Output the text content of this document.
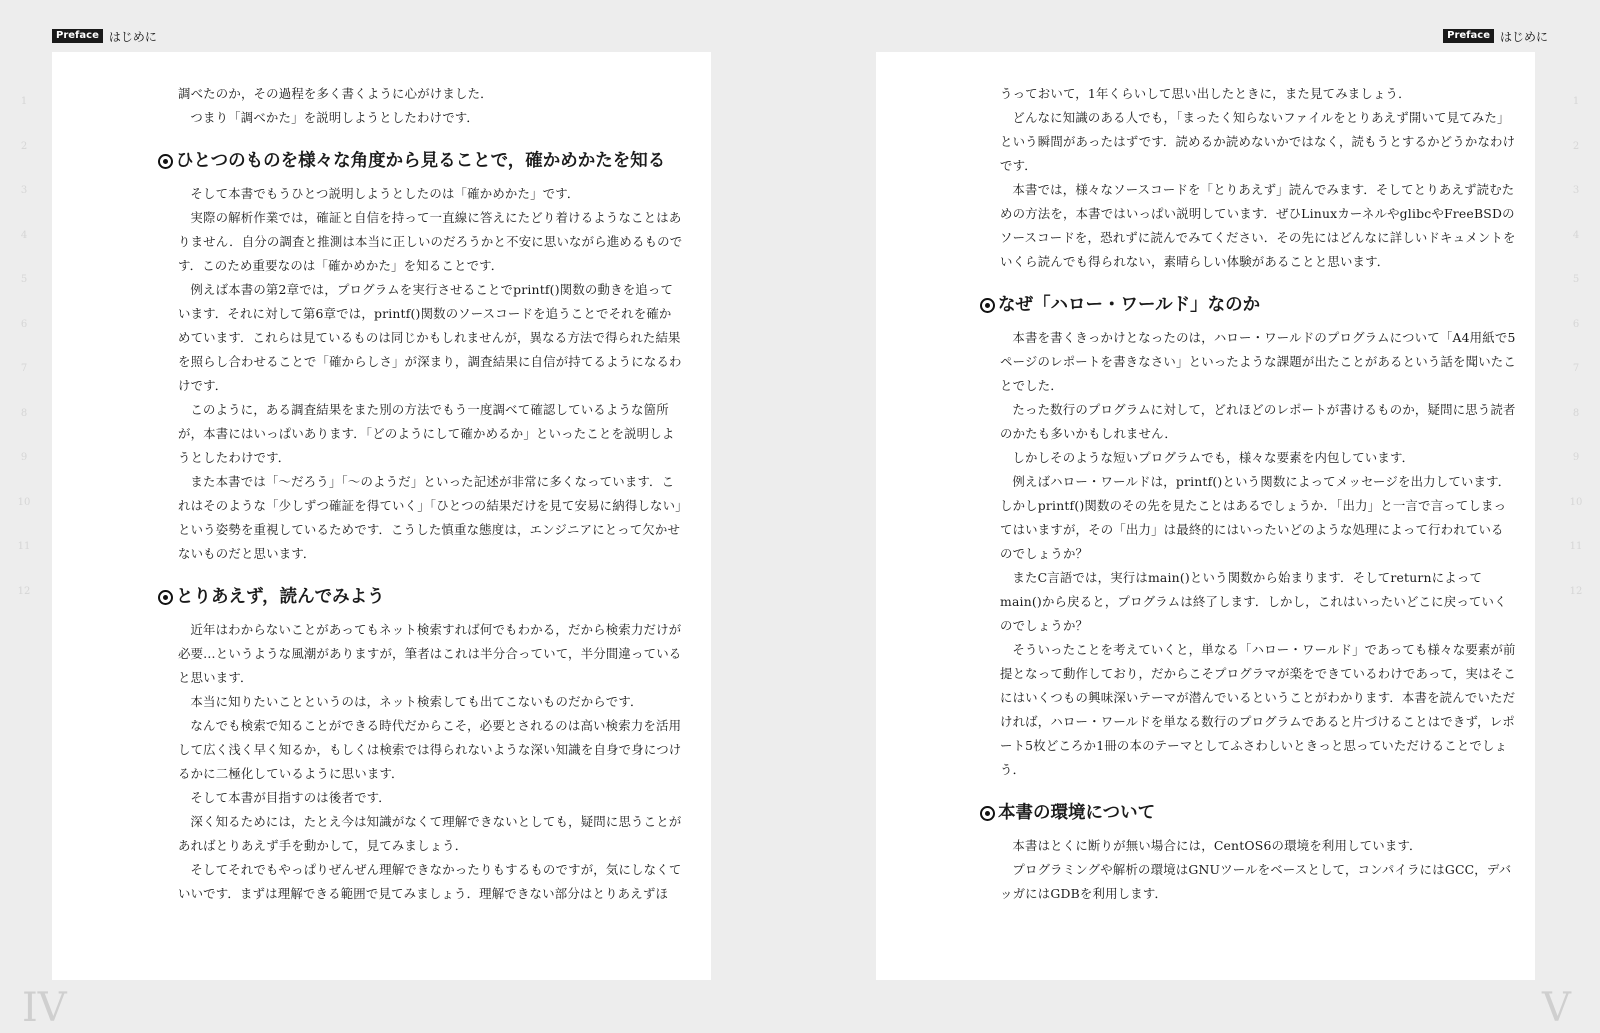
Preface はじめに	Preface はじめに
1
2
3
4
5
6
7
8
9
10
11
12
1
2
3
4
5
6
7
8
9
10
11
12

調べたのか，その過程を多く書くように心がけました．

つまり「調べかた」を説明しようとしたわけです．

ひとつのものを様々な角度から見ることで，確かめかたを知る

そして本書でもうひとつ説明しようとしたのは「確かめかた」です．

実際の解析作業では，確証と自信を持って一直線に答えにたどり着けるようなことはありません．自分の調査と推測は本当に正しいのだろうかと不安に思いながら進めるものです．このため重要なのは「確かめかた」を知ることです．

例えば本書の第2章では，プログラムを実行させることでprintf()関数の動きを追っています．それに対して第6章では，printf()関数のソースコードを追うことでそれを確かめています．これらは見ているものは同じかもしれませんが，異なる方法で得られた結果を照らし合わせることで「確からしさ」が深まり，調査結果に自信が持てるようになるわけです．

このように，ある調査結果をまた別の方法でもう一度調べて確認しているような箇所が，本書にはいっぱいあります．「どのようにして確かめるか」といったことを説明しようとしたわけです．

また本書では「〜だろう」「〜のようだ」といった記述が非常に多くなっています．これはそのような「少しずつ確証を得ていく」「ひとつの結果だけを見て安易に納得しない」という姿勢を重視しているためです．こうした慎重な態度は，エンジニアにとって欠かせないものだと思います．

とりあえず，読んでみよう

近年はわからないことがあってもネット検索すれば何でもわかる，だから検索力だけが必要…というような風潮がありますが，筆者はこれは半分合っていて，半分間違っていると思います．

本当に知りたいことというのは，ネット検索しても出てこないものだからです．

なんでも検索で知ることができる時代だからこそ，必要とされるのは高い検索力を活用して広く浅く早く知るか，もしくは検索では得られないような深い知識を自身で身につけるかに二極化しているように思います．

そして本書が目指すのは後者です．

深く知るためには，たとえ今は知識がなくて理解できないとしても，疑問に思うことがあればとりあえず手を動かして，見てみましょう．

そしてそれでもやっぱりぜんぜん理解できなかったりもするものですが，気にしなくていいです．まずは理解できる範囲で見てみましょう．理解できない部分はとりあえずほ

うっておいて，1年くらいして思い出したときに，また見てみましょう．

どんなに知識のある人でも，「まったく知らないファイルをとりあえず開いて見てみた」という瞬間があったはずです．読めるか読めないかではなく，読もうとするかどうかなわけです．

本書では，様々なソースコードを「とりあえず」読んでみます．そしてとりあえず読むための方法を，本書ではいっぱい説明しています．ぜひLinuxカーネルやglibcやFreeBSDのソースコードを，恐れずに読んでみてください．その先にはどんなに詳しいドキュメントをいくら読んでも得られない，素晴らしい体験があることと思います．

なぜ「ハロー・ワールド」なのか

本書を書くきっかけとなったのは，ハロー・ワールドのプログラムについて「A4用紙で5ページのレポートを書きなさい」といったような課題が出たことがあるという話を聞いたことでした．

たった数行のプログラムに対して，どれほどのレポートが書けるものか，疑問に思う読者のかたも多いかもしれません．

しかしそのような短いプログラムでも，様々な要素を内包しています．

例えばハロー・ワールドは，printf()という関数によってメッセージを出力しています．しかしprintf()関数のその先を見たことはあるでしょうか．「出力」と一言で言ってしまってはいますが，その「出力」は最終的にはいったいどのような処理によって行われているのでしょうか？

またC言語では，実行はmain()という関数から始まります．そしてreturnによってmain()から戻ると，プログラムは終了します．しかし，これはいったいどこに戻っていくのでしょうか？

そういったことを考えていくと，単なる「ハロー・ワールド」であっても様々な要素が前提となって動作しており，だからこそプログラマが楽をできているわけであって，実はそこにはいくつもの興味深いテーマが潜んでいるということがわかります．本書を読んでいただければ，ハロー・ワールドを単なる数行のプログラムであると片づけることはできず，レポート5枚どころか1冊の本のテーマとしてふさわしいときっと思っていただけることでしょう．

本書の環境について

本書はとくに断りが無い場合には，CentOS6の環境を利用しています．

プログラミングや解析の環境はGNUツールをベースとして，コンパイラにはGCC，デバッガにはGDBを利用します．

IV	V
